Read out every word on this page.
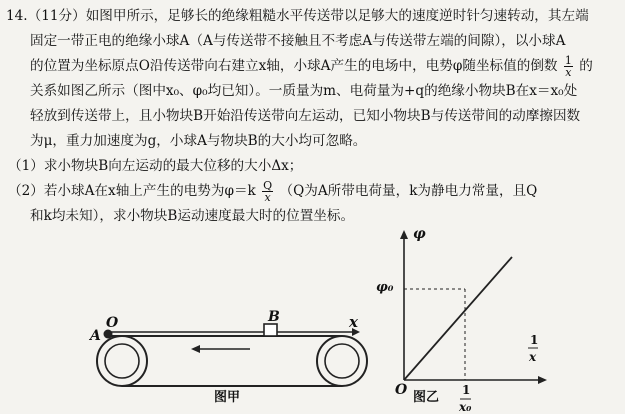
14.（11分）如图甲所示，足够长的绝缘粗糙水平传送带以足够大的速度逆时针匀速转动，其左端
固定一带正电的绝缘小球A（A与传送带不接触且不考虑A与传送带左端的间隙），以小球A
的位置为坐标原点O沿传送带向右建立x轴，小球A产生的电场中，电势φ随坐标值的倒数 $\frac{1}{x}$ 的
关系如图乙所示（图中x₀、φ₀均已知）。一质量为m、电荷量为+q的绝缘小物块B在x＝x₀处
轻放到传送带上，且小物块B开始沿传送带向左运动，已知小物块B与传送带间的动摩擦因数
为μ，重力加速度为g，小球A与物块B的大小均可忽略。
（1）求小物块B向左运动的最大位移的大小Δx；
（2）若小球A在x轴上产生的电势为$\varphi=k \frac{Q}{x} (Q$为A所带电荷量，k为静电力常量，且Q
和k均未知），求小物块B运动速度最大时的位置坐标。
O
A
B	x
图甲
φ
φ₀
O	1
x₀
1
x
图乙
